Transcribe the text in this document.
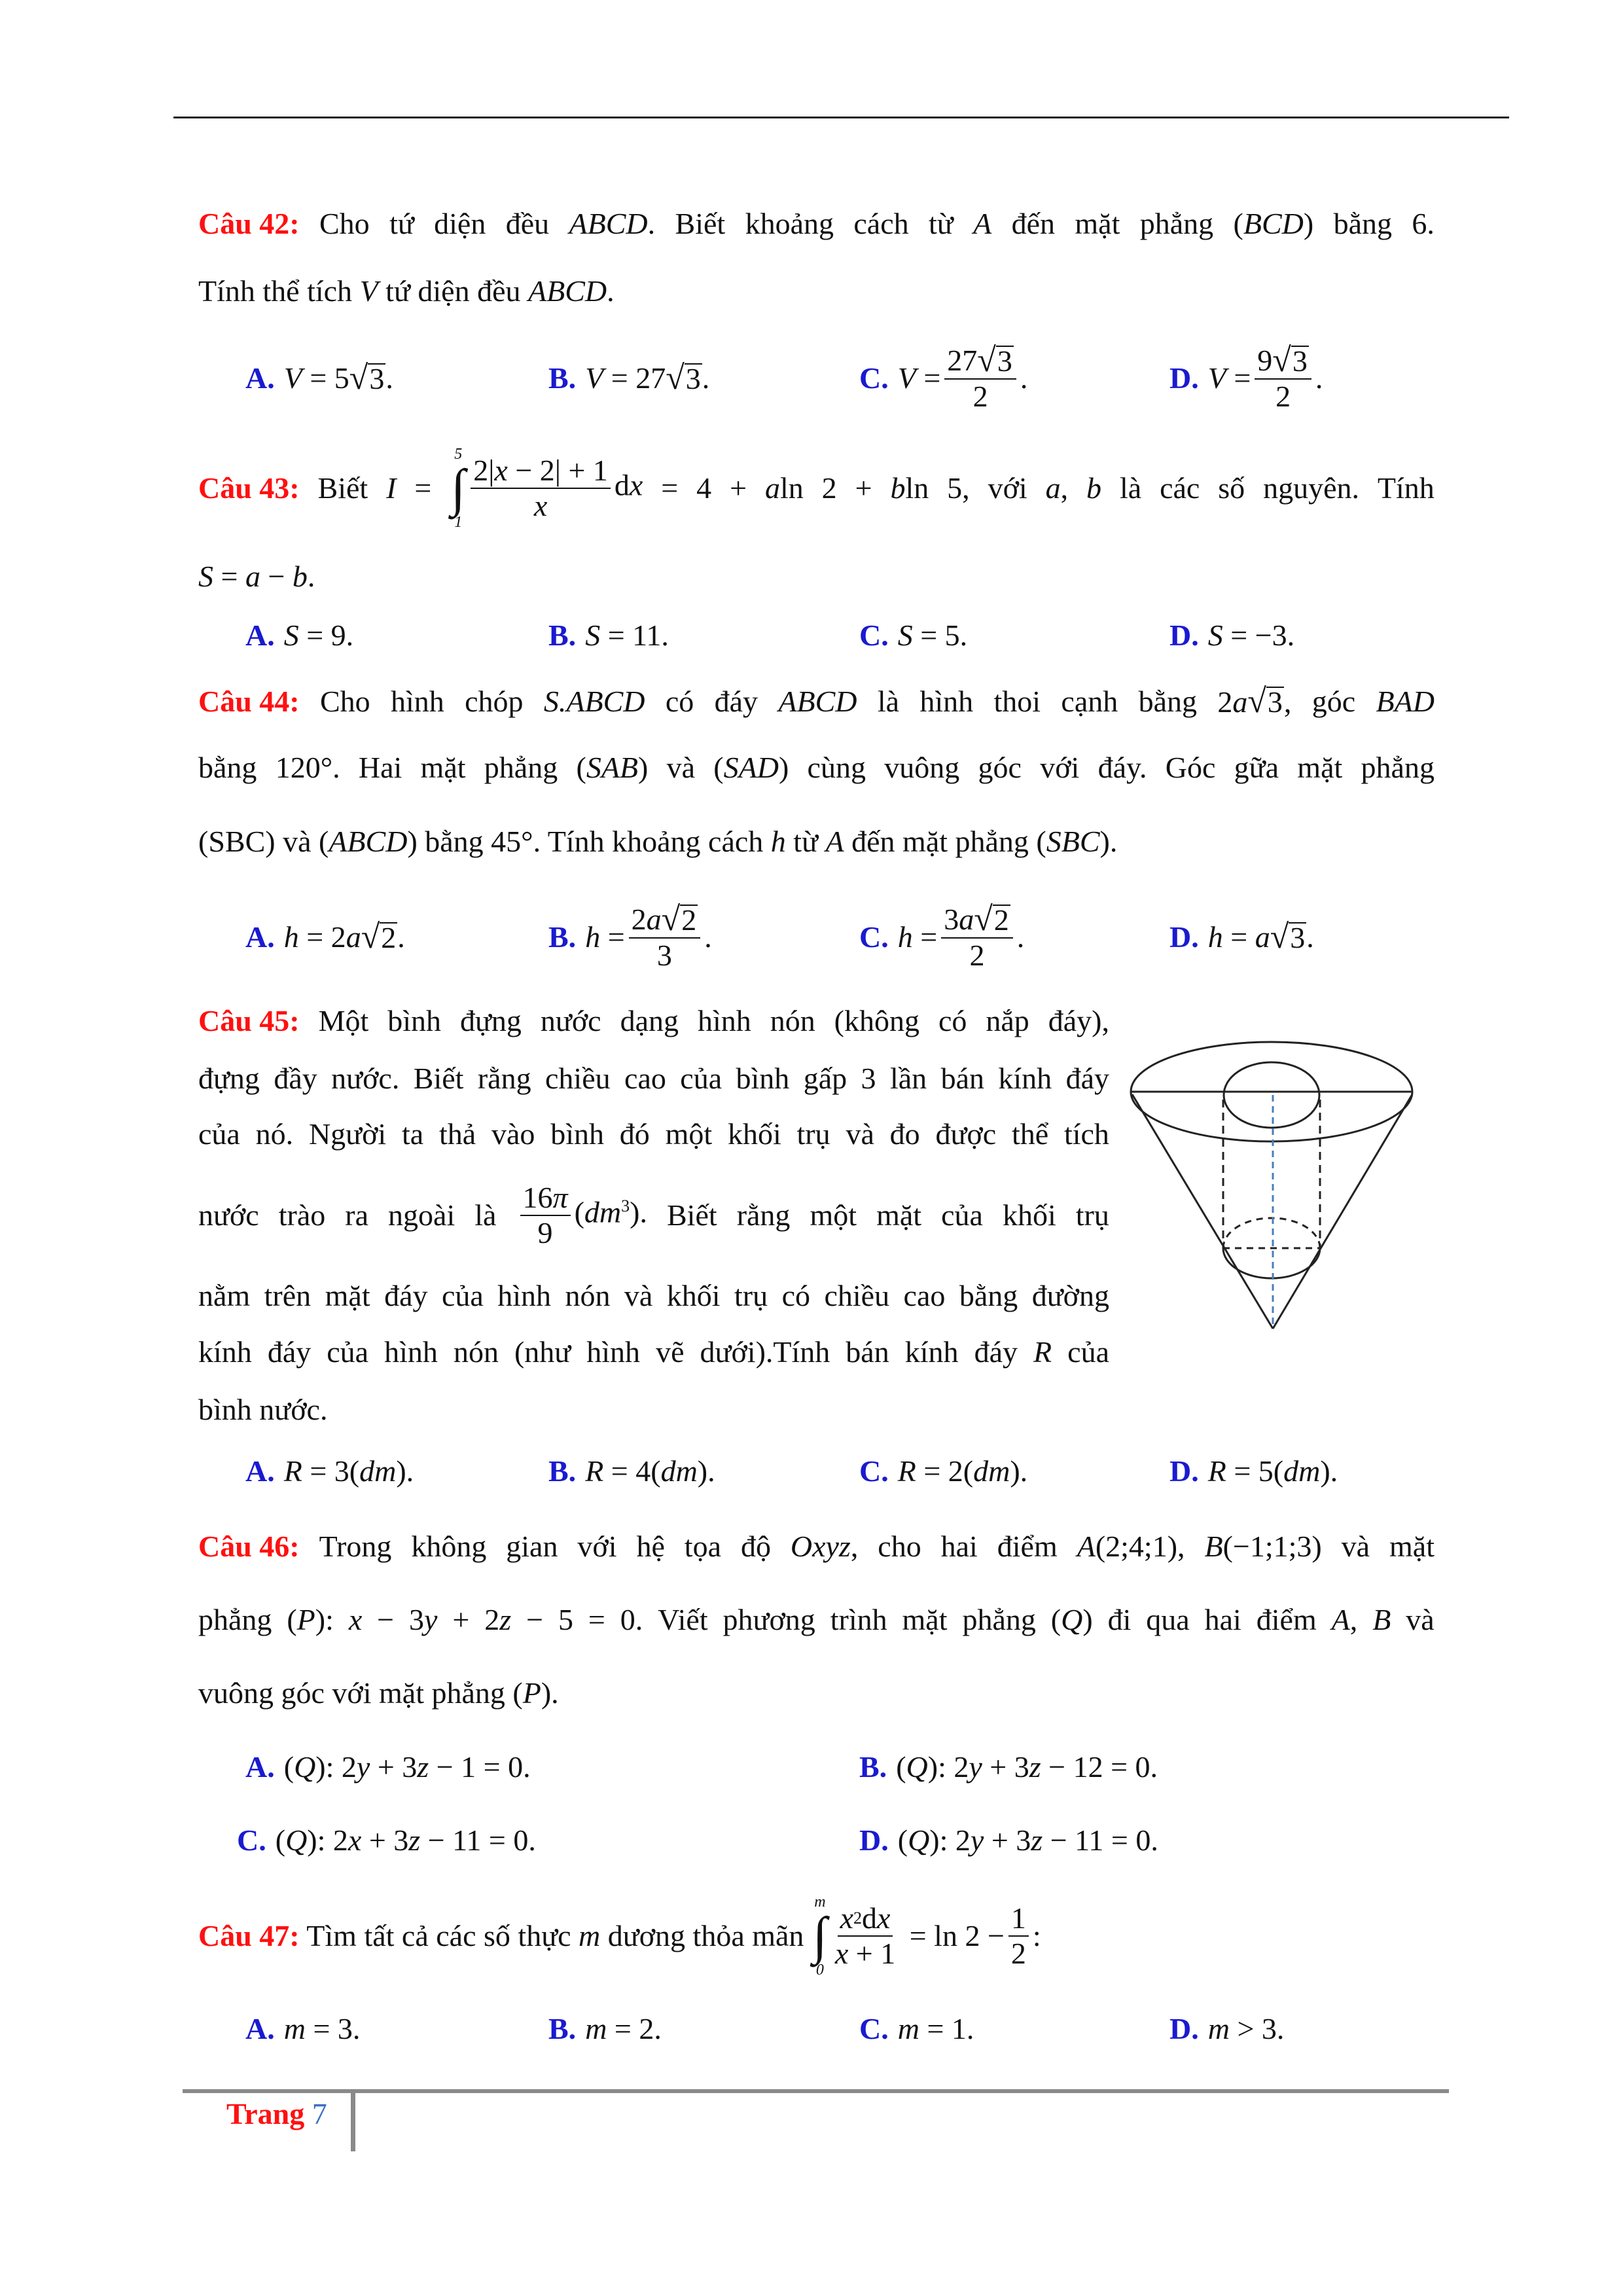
Câu 42: Cho tứ diện đều ABCD. Biết khoảng cách từ A đến mặt phẳng (BCD) bằng 6.
Tính thể tích V tứ diện đều ABCD .
A. V = 5 √3 .	B. V = 27 √3 .	C. $V = \frac{27 √3}{2}$ .	D. $V = \frac{9 √3}{2}$ .
Câu 43: Biết I =
5
∫
$1 \frac{2| x - 2| + 1}{x}$ dx = 4 + aln 2 + bln 5, với a, b là các số nguyên. Tính
S = a − b .
A. S = 9.	B. S = 11.	C. S = 5.	D. S = −3.
Câu 44: Cho hình chóp S.ABCD có đáy ABCD là hình thoi cạnh bằng 2a√3, góc BAD
bằng 120°. Hai mặt phẳng (SAB) và (SAD) cùng vuông góc với đáy. Góc gữa mặt phẳng
(SBC) và ( ABCD ) bằng 45°. Tính khoảng cách h từ A đến mặt phẳng ( SBC ).
A. h = 2 a √2 .	B. $h = \frac{2 a √2}{3}$ .	C. $h = \frac{3 a √2}{2}$ .	D. h = a √3 .
Câu 45: Một bình đựng nước dạng hình nón (không có nắp đáy),
đựng đầy nước. Biết rằng chiều cao của bình gấp 3 lần bán kính đáy
của nó. Người ta thả vào bình đó một khối trụ và đo được thể tích
nước trào ra ngoài là $\frac{16 \pi}{9} (dm^3)$. Biết rằng một mặt của khối trụ
nằm trên mặt đáy của hình nón và khối trụ có chiều cao bằng đường
kính đáy của hình nón (như hình vẽ dưới).Tính bán kính đáy R của
bình nước.
A. R = 3( dm ).	B. R = 4( dm ).	C. R = 2( dm ).	D. R = 5( dm ).
Câu 46: Trong không gian với hệ tọa độ Oxyz, cho hai điểm A(2;4;1), B(−1;1;3) và mặt
phẳng (P): x − 3y + 2z − 5 = 0. Viết phương trình mặt phẳng (Q) đi qua hai điểm A, B và
vuông góc với mặt phẳng ( P ).
A. ( Q ): 2 y + 3 z − 1 = 0.	B. ( Q ): 2 y + 3 z − 12 = 0.
C. ( Q ): 2 x + 3 z − 11 = 0.	D. ( Q ): 2 y + 3 z − 11 = 0.
Câu 47: Tìm tất cả các số thực m dương thỏa mãn
m
∫
$0 \frac{\text{x 2 d x}}{x + 1} = \ln 2 - \frac{1}{2}$ :
A. m = 3.	B. m = 2.	C. m = 1.	D. m > 3.
Trang 7
